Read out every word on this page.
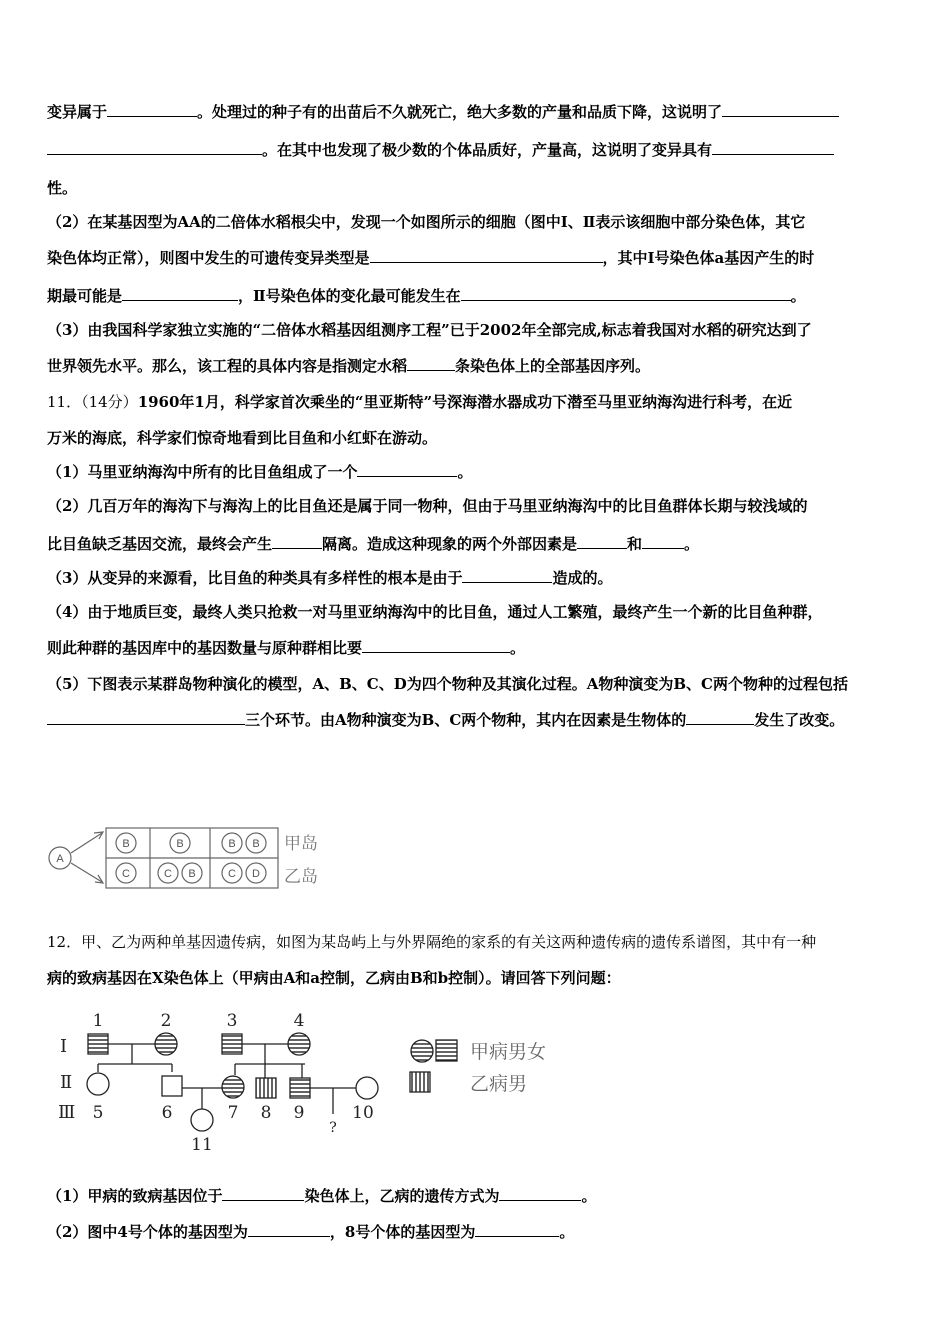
变异属于	。处理过的种子有的出苗后不久就死亡，绝大多数的产量和品质下降，这说明了
。在其中也发现了极少数的个体品质好，产量高，这说明了变异具有
性。
（2）在某基因型为AA的二倍体水稻根尖中，发现一个如图所示的细胞（图中Ⅰ、Ⅱ表示该细胞中部分染色体，其它
染色体均正常），则图中发生的可遗传变异类型是	，其中Ⅰ号染色体a基因产生的时
期最可能是	，Ⅱ号染色体的变化最可能发生在	。
（3）由我国科学家独立实施的“二倍体水稻基因组测序工程”已于2002年全部完成,标志着我国对水稻的研究达到了
世界领先水平。那么，该工程的具体内容是指测定水稻	条染色体上的全部基因序列。
11．（14分）1960年1月，科学家首次乘坐的“里亚斯特”号深海潜水器成功下潜至马里亚纳海沟进行科考，在近
万米的海底，科学家们惊奇地看到比目鱼和小红虾在游动。
（1）马里亚纳海沟中所有的比目鱼组成了一个	。
（2）几百万年的海沟下与海沟上的比目鱼还是属于同一物种，但由于马里亚纳海沟中的比目鱼群体长期与较浅域的
比目鱼缺乏基因交流，最终会产生	隔离。造成这种现象的两个外部因素是	和	。
（3）从变异的来源看，比目鱼的种类具有多样性的根本是由于	造成的。
（4）由于地质巨变，最终人类只抢救一对马里亚纳海沟中的比目鱼，通过人工繁殖，最终产生一个新的比目鱼种群，
则此种群的基因库中的基因数量与原种群相比要	。
（5）下图表示某群岛物种演化的模型，A、B、C、D为四个物种及其演化过程。A物种演变为B、C两个物种的过程包括
三个环节。由A物种演变为B、C两个物种，其内在因素是生物体的	发生了改变。
A
B	B	B B
C	C B	C D
甲岛
乙岛
12．甲、乙为两种单基因遗传病，如图为某岛屿上与外界隔绝的家系的有关这两种遗传病的遗传系谱图，其中有一种
病的致病基因在X染色体上（甲病由A和a控制，乙病由B和b控制）。请回答下列问题：
Ⅰ
Ⅱ
Ⅲ
1	2	3	4
5	6	7 8 9	10
11
?
甲病男女
乙病男
（1）甲病的致病基因位于	染色体上，乙病的遗传方式为	。
（2）图中4号个体的基因型为	，8号个体的基因型为	。
